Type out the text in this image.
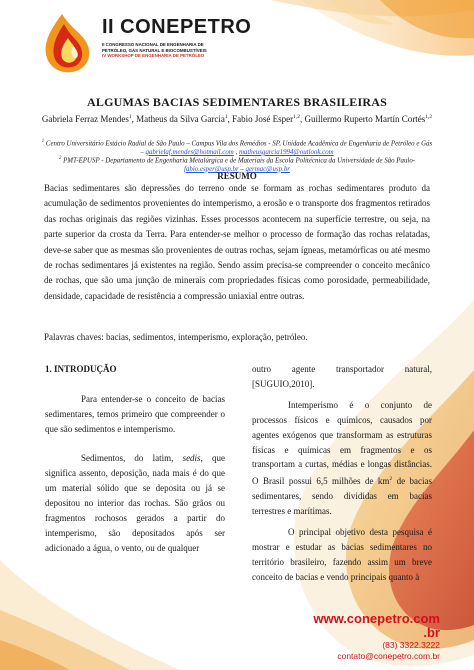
II CONEPETRO
II CONGRESSO NACIONAL DE ENGENHARIA DE
PETRÓLEO, GÁS NATURAL E BIOCOMBUSTÍVEIS
IV WORKSHOP DE ENGENHARIA DE PETRÓLEO
ALGUMAS BACIAS SEDIMENTARES BRASILEIRAS
Gabriela Ferraz Mendes$^1$, Matheus da Silva Garcia$^1$, Fabio José Esper$^{1,2}$, Guillermo Ruperto Martín Cortés$^{1,2}$
$^1$ Centro Universitário Estácio Radial de São Paulo – Campus Vila dos Remédios - SP, Unidade Acadêmica de Engenharia de Petróleo e Gás – gabrielaf.mendes@hotmail.com , matheusgarcia1994@outlook.com
$^2$ PMT-EPUSP - Departamento de Engenharia Metalúrgica e de Materiais da Escola Politécnica da Universidade de São Paulo- fabio.esper@usp.br – germac@usp.br
RESUMO

Bacias sedimentares são depressões do terreno onde se formam as rochas sedimentares produto da acumulação de sedimentos provenientes do intemperismo, a erosão e o transporte dos fragmentos retirados das rochas originais das regiões vizinhas. Esses processos acontecem na superfície terrestre, ou seja, na parte superior da crosta da Terra. Para entender-se melhor o processo de formação das rochas relatadas, deve-se saber que as mesmas são provenientes de outras rochas, sejam ígneas, metamórficas ou até mesmo de rochas sedimentares já existentes na região. Sendo assim precisa-se compreender o conceito mecânico de rochas, que são uma junção de minerais com propriedades físicas como porosidade, permeabilidade, densidade, capacidade de resistência a compressão uniaxial entre outras.

Palavras chaves: bacias, sedimentos, intemperismo, exploração, petróleo.

1. INTRODUÇÃO

Para entender-se o conceito de bacias sedimentares, temos primeiro que compreender o que são sedimentos e intemperismo.

Sedimentos, do latim, sedis, que significa assento, deposição, nada mais é do que um material sólido que se deposita ou já se depositou no interior das rochas. São grãos ou fragmentos rochosos gerados a partir do intemperismo, são depositados após ser adicionado a água, o vento, ou de qualquer

outro agente transportador natural, [SUGUIO,2010].

Intemperismo é o conjunto de processos físicos e químicos, causados por agentes exógenos que transformam as estruturas físicas e químicas em fragmentos e os transportam a curtas, médias e longas distâncias. O Brasil possui 6,5 milhões de $km^2$ de bacias sedimentares, sendo divididas em bacias terrestres e marítimas.

O principal objetivo desta pesquisa é mostrar e estudar as bacias sedimentares no território brasileiro, fazendo assim um breve conceito de bacias e vendo principais quanto à

www.conepetro.com
.br
(83) 3322.3222
contato@conepetro.com.br
